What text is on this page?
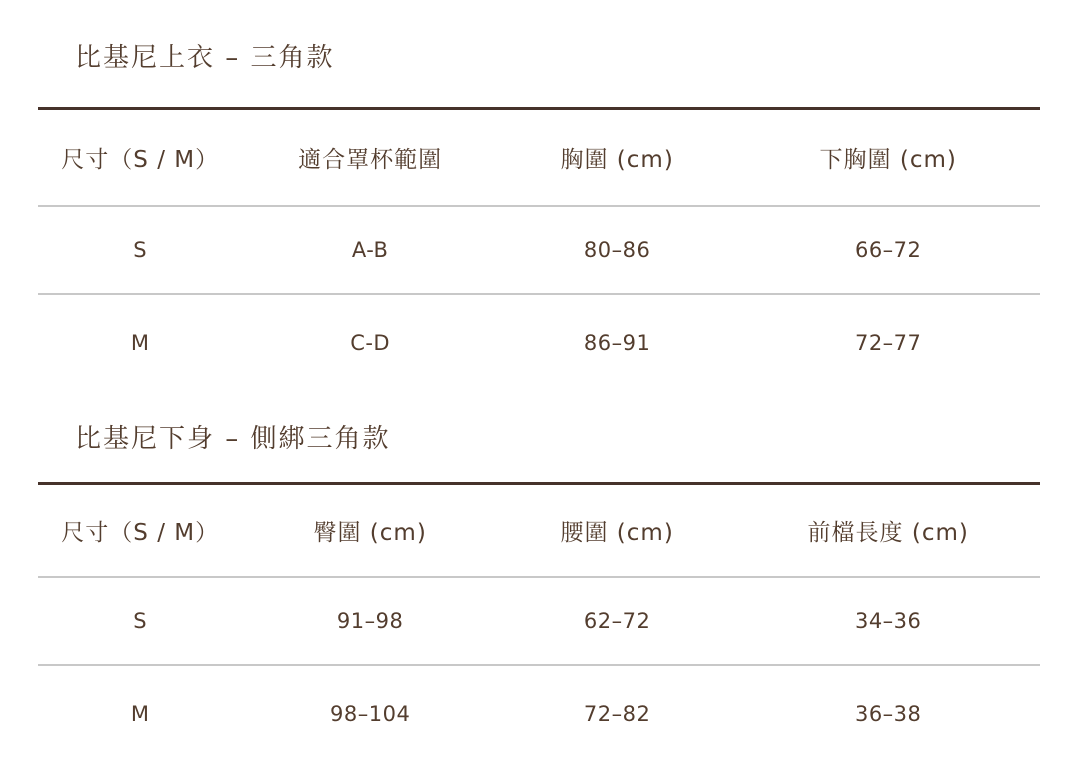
比基尼上衣 – 三角款
尺寸（S / M）	適合罩杯範圍	胸圍 (cm)	下胸圍 (cm)
S	A-B	80–86	66–72
M	C-D	86–91	72–77
比基尼下身 – 側綁三角款
尺寸（S / M）	臀圍 (cm)	腰圍 (cm)	前檔長度 (cm)
S	91–98	62–72	34–36
M	98–104	72–82	36–38
